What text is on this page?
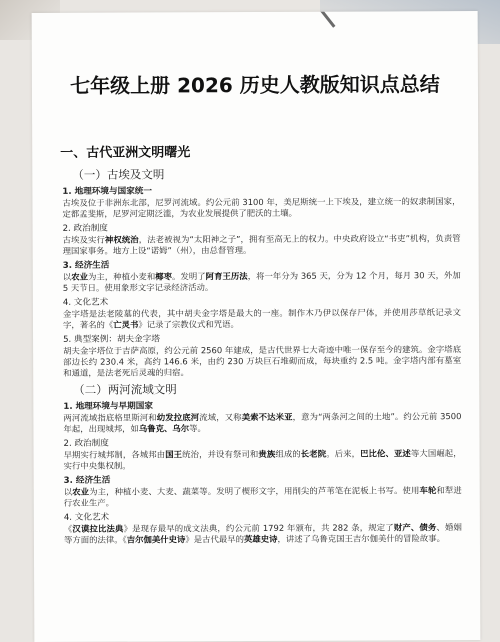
七年级上册 2026 历史人教版知识点总结
一、古代亚洲文明曙光
（一）古埃及文明
1. 地理环境与国家统一
古埃及位于非洲东北部，尼罗河流域。约公元前 3100 年，美尼斯统一上下埃及，建立统一的奴隶制国家，定都孟斐斯，尼罗河定期泛滥，为农业发展提供了肥沃的土壤。
2. 政治制度
古埃及实行神权统治，法老被视为“太阳神之子”，拥有至高无上的权力。中央政府设立“书吏”机构，负责管理国家事务。地方上设“诺姆”（州），由总督管理。
3. 经济生活
以农业为主，种植小麦和椰枣。发明了阿育王历法，将一年分为 365 天，分为 12 个月，每月 30 天，外加 5 天节日。使用象形文字记录经济活动。
4. 文化艺术
金字塔是法老陵墓的代表，其中胡夫金字塔是最大的一座。制作木乃伊以保存尸体，并使用莎草纸记录文字，著名的《亡灵书》记录了宗教仪式和咒语。
5. 典型案例：胡夫金字塔
胡夫金字塔位于吉萨高原，约公元前 2560 年建成，是古代世界七大奇迹中唯一保存至今的建筑。金字塔底部边长约 230.4 米，高约 146.6 米，由约 230 万块巨石堆砌而成，每块重约 2.5 吨。金字塔内部有墓室和通道，是法老死后灵魂的归宿。
（二）两河流域文明
1. 地理环境与早期国家
两河流域指底格里斯河和幼发拉底河流域，又称美索不达米亚，意为“两条河之间的土地”。约公元前 3500 年起，出现城邦，如乌鲁克、乌尔等。
2. 政治制度
早期实行城邦制，各城邦由国王统治，并设有祭司和贵族组成的长老院。后来，巴比伦、亚述等大国崛起，实行中央集权制。
3. 经济生活
以农业为主，种植小麦、大麦、蔬菜等。发明了楔形文字，用削尖的芦苇笔在泥板上书写。使用车轮和犁进行农业生产。
4. 文化艺术
《汉谟拉比法典》是现存最早的成文法典，约公元前 1792 年颁布，共 282 条，规定了财产、债务、婚姻等方面的法律。《吉尔伽美什史诗》是古代最早的英雄史诗，讲述了乌鲁克国王吉尔伽美什的冒险故事。
